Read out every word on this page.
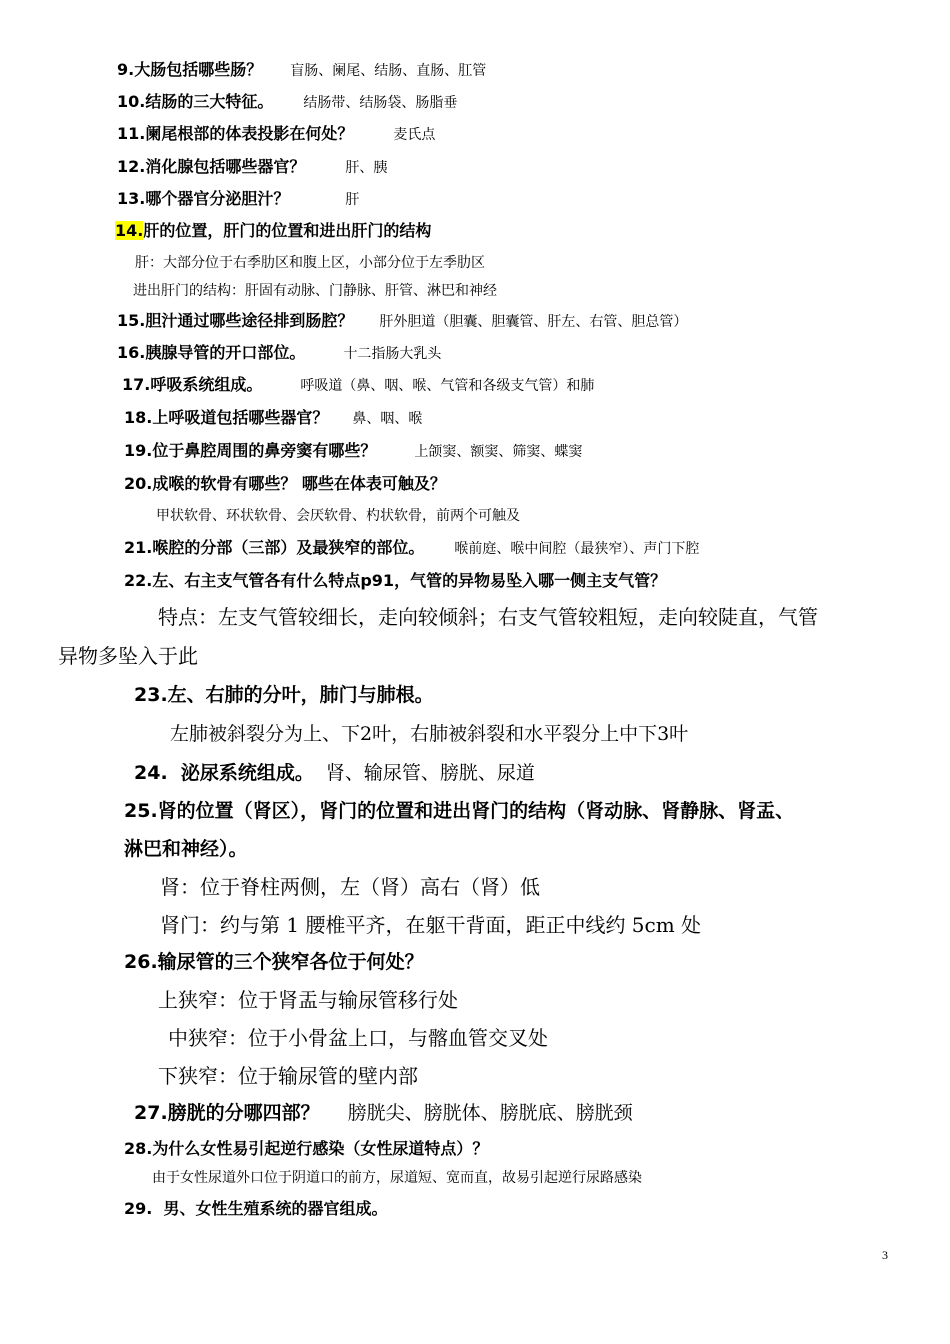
9.大肠包括哪些肠？ 盲肠、阑尾、结肠、直肠、肛管
10.结肠的三大特征。 结肠带、结肠袋、肠脂垂
11.阑尾根部的体表投影在何处？	麦氏点
12.消化腺包括哪些器官？	肝、胰
13.哪个器官分泌胆汁？	肝
14.肝的位置，肝门的位置和进出肝门的结构
肝：大部分位于右季肋区和腹上区，小部分位于左季肋区
进出肝门的结构：肝固有动脉、门静脉、肝管、淋巴和神经
15.胆汁通过哪些途径排到肠腔？ 肝外胆道（胆囊、胆囊管、肝左、右管、胆总管）
16.胰腺导管的开口部位。	十二指肠大乳头
17.呼吸系统组成。	呼吸道（鼻、咽、喉、气管和各级支气管）和肺
18.上呼吸道包括哪些器官？ 鼻、咽、喉
19.位于鼻腔周围的鼻旁窦有哪些？	上颌窦、额窦、筛窦、蝶窦
20.成喉的软骨有哪些？ 哪些在体表可触及？
甲状软骨、环状软骨、会厌软骨、杓状软骨，前两个可触及
21.喉腔的分部（三部）及最狭窄的部位。 喉前庭、喉中间腔（最狭窄）、声门下腔
22.左、右主支气管各有什么特点p91，气管的异物易坠入哪一侧主支气管？
特点：左支气管较细长，走向较倾斜；右支气管较粗短，走向较陡直，气管
异物多坠入于此
23.左、右肺的分叶，肺门与肺根。
左肺被斜裂分为上、下2叶，右肺被斜裂和水平裂分上中下3叶
24.  泌尿系统组成。 肾、输尿管、膀胱、尿道
25.肾的位置（肾区），肾门的位置和进出肾门的结构（肾动脉、肾静脉、肾盂、
淋巴和神经）。
肾：位于脊柱两侧，左（肾）高右（肾）低
肾门：约与第 1 腰椎平齐，在躯干背面，距正中线约 5cm 处
26.输尿管的三个狭窄各位于何处？
上狭窄：位于肾盂与输尿管移行处
中狭窄：位于小骨盆上口，与髂血管交叉处
下狭窄：位于输尿管的壁内部
27.膀胱的分哪四部？ 膀胱尖、膀胱体、膀胱底、膀胱颈
28.为什么女性易引起逆行感染（女性尿道特点）？
由于女性尿道外口位于阴道口的前方，尿道短、宽而直，故易引起逆行尿路感染
29.  男、女性生殖系统的器官组成。
3
